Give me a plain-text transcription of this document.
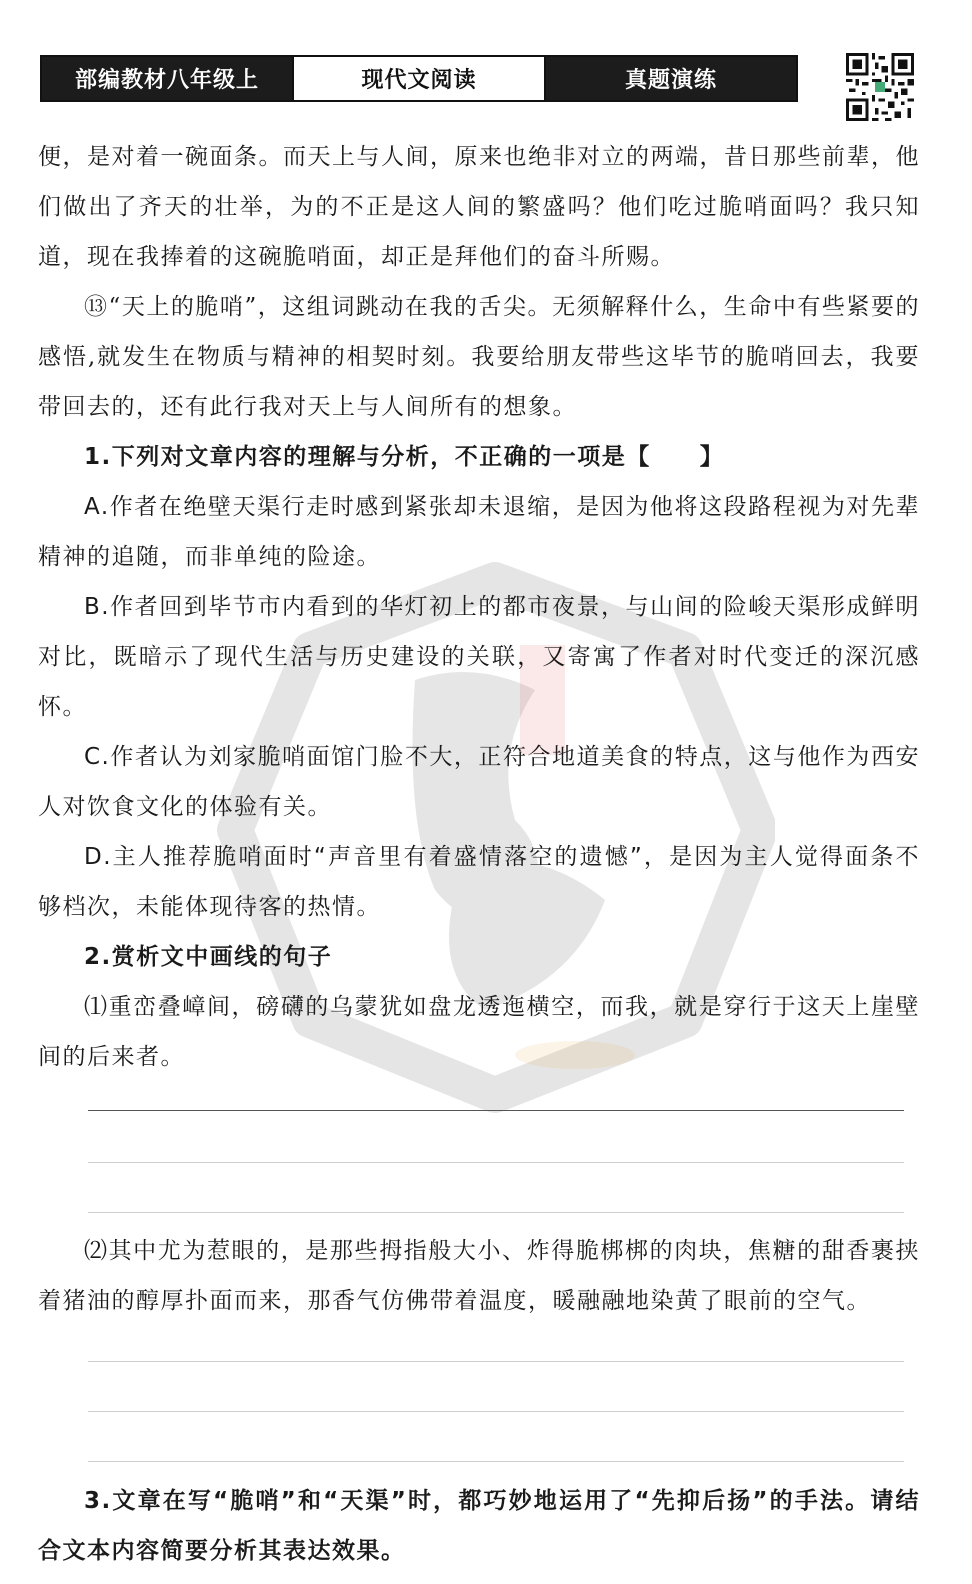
部编教材八年级上	现代文阅读	真题演练

便，是对着一碗面条。而天上与人间，原来也绝非对立的两端，昔日那些前辈，他们做出了齐天的壮举，为的不正是这人间的繁盛吗？他们吃过脆哨面吗？我只知道，现在我捧着的这碗脆哨面，却正是拜他们的奋斗所赐。

⑬“天上的脆哨”，这组词跳动在我的舌尖。无须解释什么，生命中有些紧要的感悟,就发生在物质与精神的相契时刻。我要给朋友带些这毕节的脆哨回去，我要带回去的，还有此行我对天上与人间所有的想象。

1.下列对文章内容的理解与分析，不正确的一项是【　　】

A.作者在绝壁天渠行走时感到紧张却未退缩，是因为他将这段路程视为对先辈精神的追随，而非单纯的险途。

B.作者回到毕节市内看到的华灯初上的都市夜景，与山间的险峻天渠形成鲜明对比，既暗示了现代生活与历史建设的关联，又寄寓了作者对时代变迁的深沉感怀。

C.作者认为刘家脆哨面馆门脸不大，正符合地道美食的特点，这与他作为西安人对饮食文化的体验有关。

D.主人推荐脆哨面时“声音里有着盛情落空的遗憾”，是因为主人觉得面条不够档次，未能体现待客的热情。

2.赏析文中画线的句子

⑴重峦叠嶂间，磅礴的乌蒙犹如盘龙透迤横空，而我，就是穿行于这天上崖壁间的后来者。

⑵其中尤为惹眼的，是那些拇指般大小、炸得脆梆梆的肉块，焦糖的甜香裹挟着猪油的醇厚扑面而来，那香气仿佛带着温度，暖融融地染黄了眼前的空气。

3.文章在写“脆哨”和“天渠”时，都巧妙地运用了“先抑后扬”的手法。请结合文本内容简要分析其表达效果。
